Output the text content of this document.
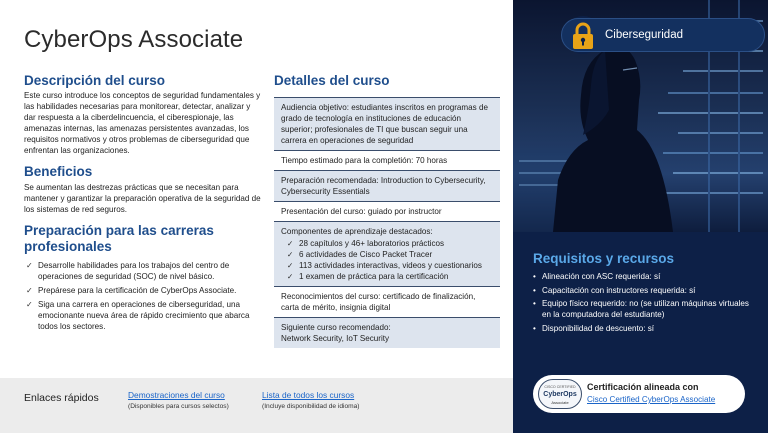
CyberOps Associate
Descripción del curso

Este curso introduce los conceptos de seguridad fundamentales y las habilidades necesarias para monitorear, detectar, analizar y dar respuesta a la ciberdelincuencia, el ciberespionaje, las amenazas internas, las amenazas persistentes avanzadas, los requisitos normativos y otros problemas de ciberseguridad que enfrentan las organizaciones.

Beneficios

Se aumentan las destrezas prácticas que se necesitan para mantener y garantizar la preparación operativa de la seguridad de los sistemas de red seguros.

Preparación para las carreras profesionales
✓ Desarrolle habilidades para los trabajos del centro de operaciones de seguridad (SOC) de nivel básico.
✓ Prepárese para la certificación de CyberOps Associate.
✓ Siga una carrera en operaciones de ciberseguridad, una emocionante nueva área de rápido crecimiento que abarca todos los sectores.
Detalles del curso
Audiencia objetivo: estudiantes inscritos en programas de grado de tecnología en instituciones de educación superior; profesionales de TI que buscan seguir una carrera en operaciones de seguridad
Tiempo estimado para la completión: 70 horas
Preparación recomendada: Introduction to Cybersecurity, Cybersecurity Essentials
Presentación del curso: guiado por instructor
Componentes de aprendizaje destacados:
✓ 28 capítulos y 46+ laboratorios prácticos
✓ 6 actividades de Cisco Packet Tracer
✓ 113 actividades interactivas, videos y cuestionarios
✓ 1 examen de práctica para la certificación
Reconocimientos del curso: certificado de finalización, carta de mérito, insignia digital
Siguiente curso recomendado:
Network Security, IoT Security
Enlaces rápidos	Demostraciones del curso
(Disponibles para cursos selectos)
Lista de todos los cursos
(Incluye disponibilidad de idioma)
Ciberseguridad
Requisitos y recursos
• Alineación con ASC requerida: sí
• Capacitación con instructores requerida: sí
• Equipo físico requerido: no (se utilizan máquinas virtuales en la computadora del estudiante)
• Disponibilidad de descuento: sí
CISCO CERTIFIED
CyberOps
Associate
Certificación alineada con
Cisco Certified CyberOps Associate
